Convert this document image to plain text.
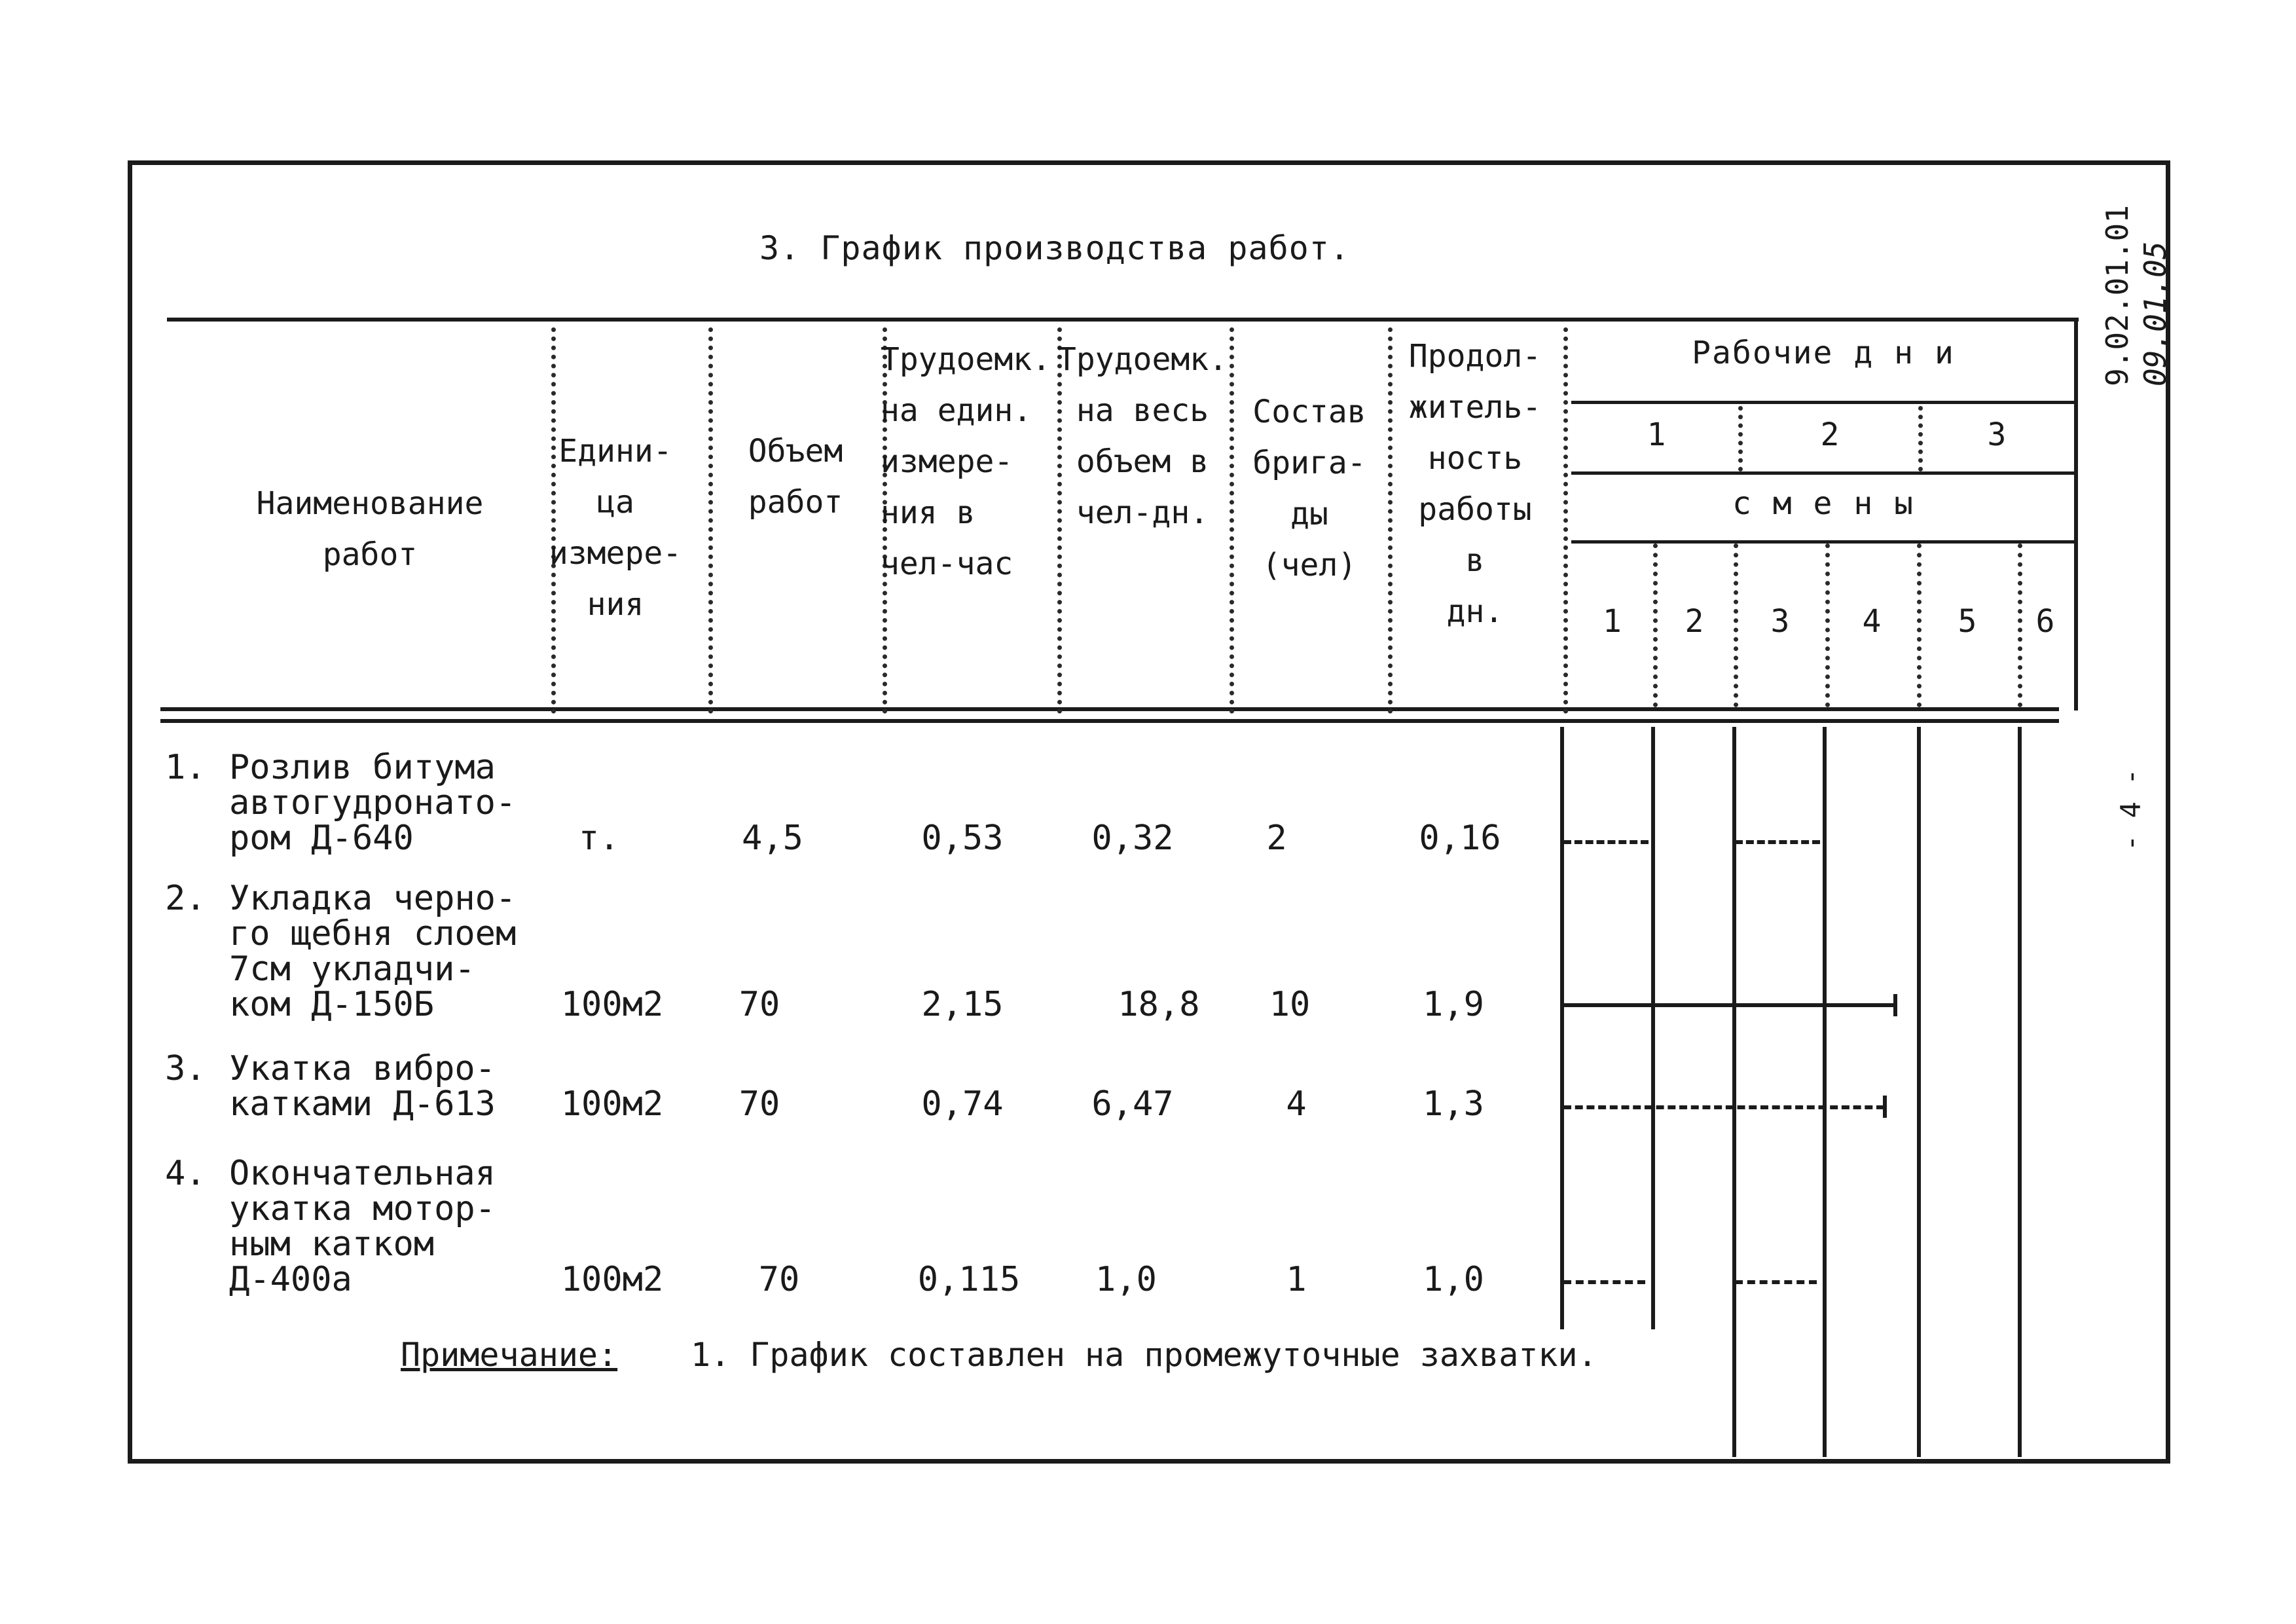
3. График производства работ.	9.02.01.01
09.01.05
- 4 -
Наименование
работ
Едини-
ца
измере-
ния
Объем
работ
Трудоемк.
на един.
измере-
ния в
чел-час
Трудоемк.
на весь
объем в
чел-дн.
Состав
брига-
ды
(чел)
Продол-
житель-
ность
работы
в
дн.
Рабочие д н и
1	2	3
с м е н ы
1	2	3	4	5	6
1. Розлив битума
автогудронато-
ром Д-640	т.	4,5	0,53	0,32	2	0,16
2. Укладка черно-
го щебня слоем
7см укладчи-
ком Д-150Б	100м2	70	2,15	18,8	10	1,9
3. Укатка вибро-
катками Д-613 100м2	70	0,74	6,47	4	1,3
4. Окончательная
укатка мотор-
ным катком
Д-400а	100м2	70	0,115	1,0	1	1,0
Примечание: 1. График составлен на промежуточные захватки.
